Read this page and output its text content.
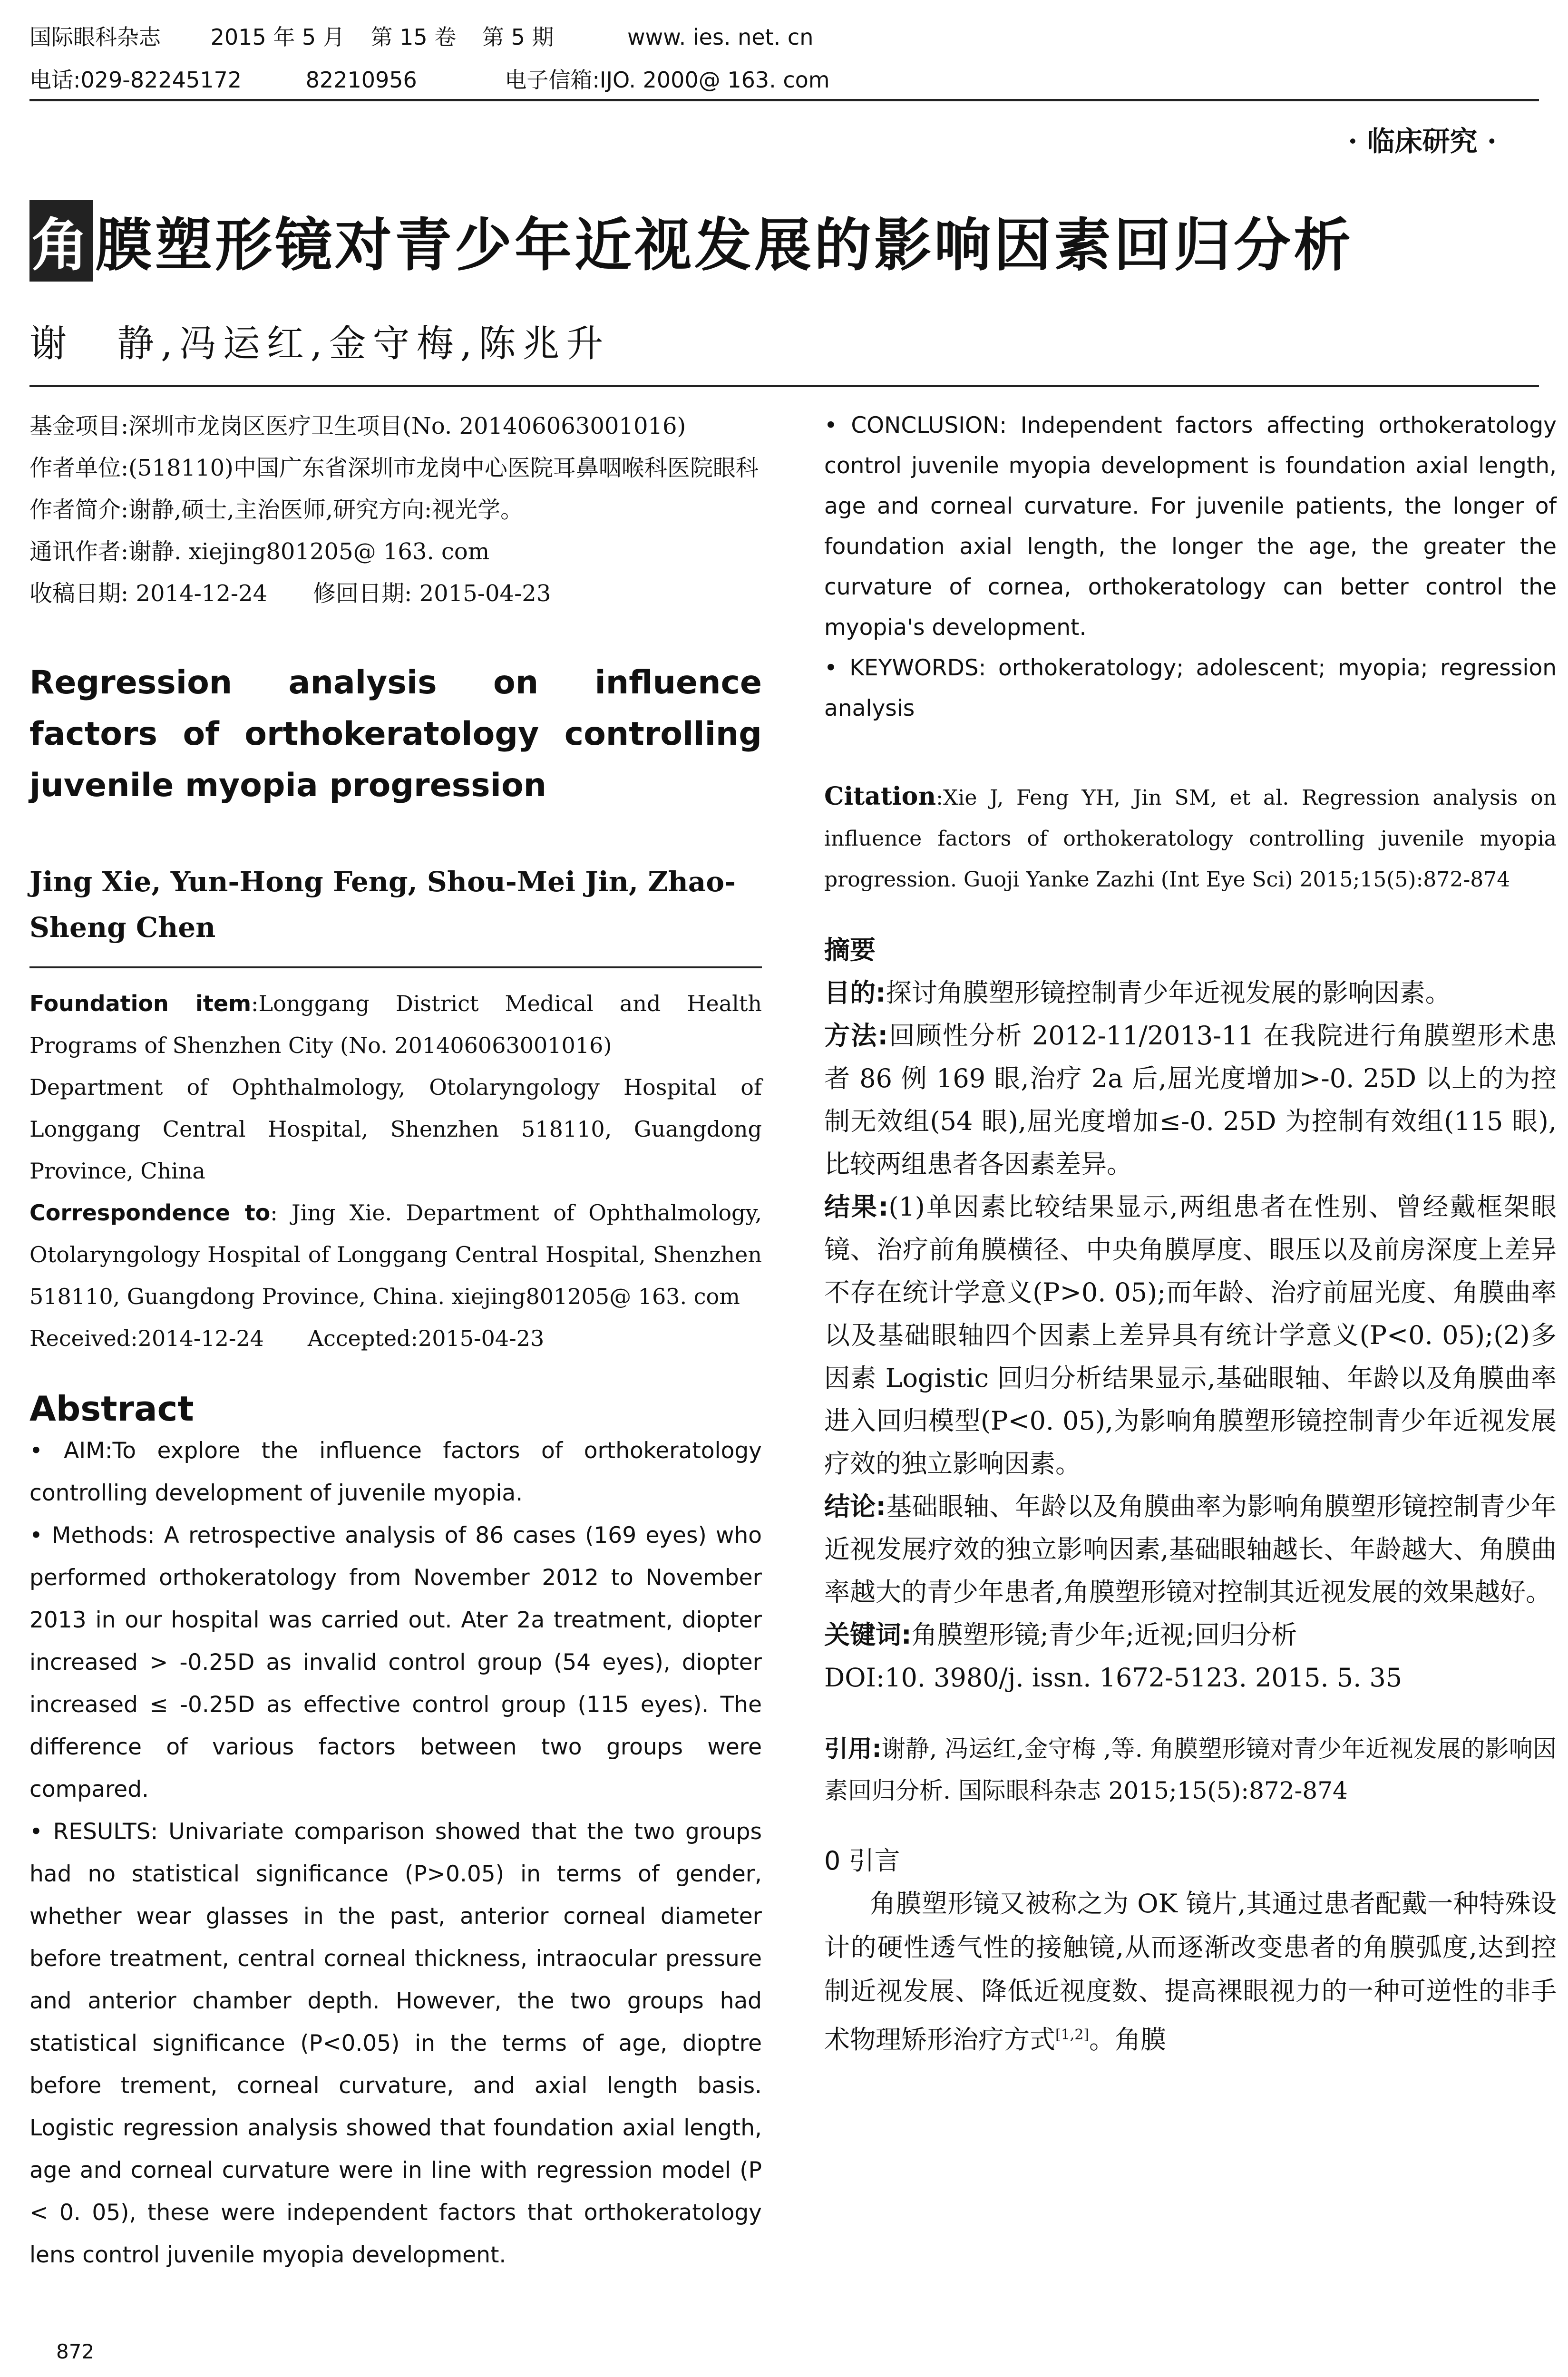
国际眼科杂志 2015 年 5 月 第 15 卷 第 5 期	www. ies. net. cn
电话:029-82245172	82210956	电子信箱:IJO. 2000@ 163. com
· 临床研究 ·
角膜塑形镜对青少年近视发展的影响因素回归分析
谢　静,冯运红,金守梅,陈兆升

基金项目:深圳市龙岗区医疗卫生项目(No. 201406063001016)

作者单位:(518110)中国广东省深圳市龙岗中心医院耳鼻咽喉科医院眼科

作者简介:谢静,硕士,主治医师,研究方向:视光学。

通讯作者:谢静. xiejing801205@ 163. com

收稿日期: 2014-12-24　　修回日期: 2015-04-23

Regression analysis on influence factors of orthokeratology controlling juvenile myopia progression

Jing Xie, Yun-Hong Feng, Shou-Mei Jin, Zhao-Sheng Chen

Foundation item:Longgang District Medical and Health Programs of Shenzhen City (No. 201406063001016)

Department of Ophthalmology, Otolaryngology Hospital of Longgang Central Hospital, Shenzhen 518110, Guangdong Province, China

Correspondence to: Jing Xie. Department of Ophthalmology, Otolaryngology Hospital of Longgang Central Hospital, Shenzhen 518110, Guangdong Province, China. xiejing801205@ 163. com

Received:2014-12-24　　Accepted:2015-04-23

Abstract

• AIM:To explore the influence factors of orthokeratology controlling development of juvenile myopia.

• Methods: A retrospective analysis of 86 cases (169 eyes) who performed orthokeratology from November 2012 to November 2013 in our hospital was carried out. Ater 2a treatment, diopter increased > -0.25D as invalid control group (54 eyes), diopter increased ≤ -0.25D as effective control group (115 eyes). The difference of various factors between two groups were compared.

• RESULTS: Univariate comparison showed that the two groups had no statistical significance (P>0.05) in terms of gender, whether wear glasses in the past, anterior corneal diameter before treatment, central corneal thickness, intraocular pressure and anterior chamber depth. However, the two groups had statistical significance (P<0.05) in the terms of age, dioptre before trement, corneal curvature, and axial length basis. Logistic regression analysis showed that foundation axial length, age and corneal curvature were in line with regression model (P < 0. 05), these were independent factors that orthokeratology lens control juvenile myopia development.

• CONCLUSION: Independent factors affecting orthokeratology control juvenile myopia development is foundation axial length, age and corneal curvature. For juvenile patients, the longer of foundation axial length, the longer the age, the greater the curvature of cornea, orthokeratology can better control the myopia's development.

• KEYWORDS: orthokeratology; adolescent; myopia; regression analysis

Citation:Xie J, Feng YH, Jin SM, et al. Regression analysis on influence factors of orthokeratology controlling juvenile myopia progression. Guoji Yanke Zazhi (Int Eye Sci) 2015;15(5):872-874

摘要

目的:探讨角膜塑形镜控制青少年近视发展的影响因素。

方法:回顾性分析 2012-11/2013-11 在我院进行角膜塑形术患者 86 例 169 眼,治疗 2a 后,屈光度增加>-0. 25D 以上的为控制无效组(54 眼),屈光度增加≤-0. 25D 为控制有效组(115 眼),比较两组患者各因素差异。

结果:(1)单因素比较结果显示,两组患者在性别、曾经戴框架眼镜、治疗前角膜横径、中央角膜厚度、眼压以及前房深度上差异不存在统计学意义(P>0. 05);而年龄、治疗前屈光度、角膜曲率以及基础眼轴四个因素上差异具有统计学意义(P<0. 05);(2)多因素 Logistic 回归分析结果显示,基础眼轴、年龄以及角膜曲率进入回归模型(P<0. 05),为影响角膜塑形镜控制青少年近视发展疗效的独立影响因素。

结论:基础眼轴、年龄以及角膜曲率为影响角膜塑形镜控制青少年近视发展疗效的独立影响因素,基础眼轴越长、年龄越大、角膜曲率越大的青少年患者,角膜塑形镜对控制其近视发展的效果越好。

关键词:角膜塑形镜;青少年;近视;回归分析

DOI:10. 3980/j. issn. 1672-5123. 2015. 5. 35

引用:谢静, 冯运红,金守梅 ,等. 角膜塑形镜对青少年近视发展的影响因素回归分析. 国际眼科杂志 2015;15(5):872-874

0 引言

角膜塑形镜又被称之为 OK 镜片,其通过患者配戴一种特殊设计的硬性透气性的接触镜,从而逐渐改变患者的角膜弧度,达到控制近视发展、降低近视度数、提高裸眼视力的一种可逆性的非手术物理矫形治疗方式[1,2]。角膜

872
